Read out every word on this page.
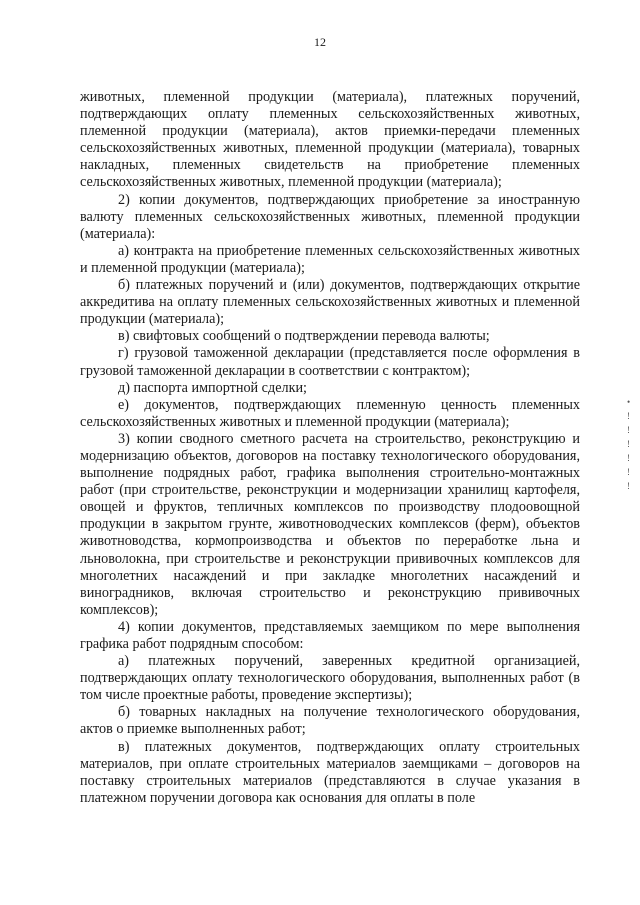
12

животных, племенной продукции (материала), платежных поручений, подтверждающих оплату племенных сельскохозяйственных животных, племенной продукции (материала), актов приемки-передачи племенных сельскохозяйственных животных, племенной продукции (материала), товарных накладных, племенных свидетельств на приобретение племенных сельскохозяйственных животных, племенной продукции (материала);

2) копии документов, подтверждающих приобретение за иностранную валюту племенных сельскохозяйственных животных, племенной продукции (материала):

а) контракта на приобретение племенных сельскохозяйственных животных и племенной продукции (материала);

б) платежных поручений и (или) документов, подтверждающих открытие аккредитива на оплату племенных сельскохозяйственных животных и племенной продукции (материала);

в) свифтовых сообщений о подтверждении перевода валюты;

г) грузовой таможенной декларации (представляется после оформления в грузовой таможенной декларации в соответствии с контрактом);

д) паспорта импортной сделки;

е) документов, подтверждающих племенную ценность племенных сельскохозяйственных животных и племенной продукции (материала);

3) копии сводного сметного расчета на строительство, реконструкцию и модернизацию объектов, договоров на поставку технологического оборудования, выполнение подрядных работ, графика выполнения строительно-монтажных работ (при строительстве, реконструкции и модернизации хранилищ картофеля, овощей и фруктов, тепличных комплексов по производству плодоовощной продукции в закрытом грунте, животноводческих комплексов (ферм), объектов животноводства, кормопроизводства и объектов по переработке льна и льноволокна, при строительстве и реконструкции прививочных комплексов для многолетних насаждений и при закладке многолетних насаждений и виноградников, включая строительство и реконструкцию прививочных комплексов);

4) копии документов, представляемых заемщиком по мере выполнения графика работ подрядным способом:

а) платежных поручений, заверенных кредитной организацией, подтверждающих оплату технологического оборудования, выполненных работ (в том числе проектные работы, проведение экспертизы);

б) товарных накладных на получение технологического оборудования, актов о приемке выполненных работ;

в) платежных документов, подтверждающих оплату строительных материалов, при оплате строительных материалов заемщиками – договоров на поставку строительных материалов (представляются в случае указания в платежном поручении договора как основания для оплаты в поле

•
!
!
!
!
!
!
